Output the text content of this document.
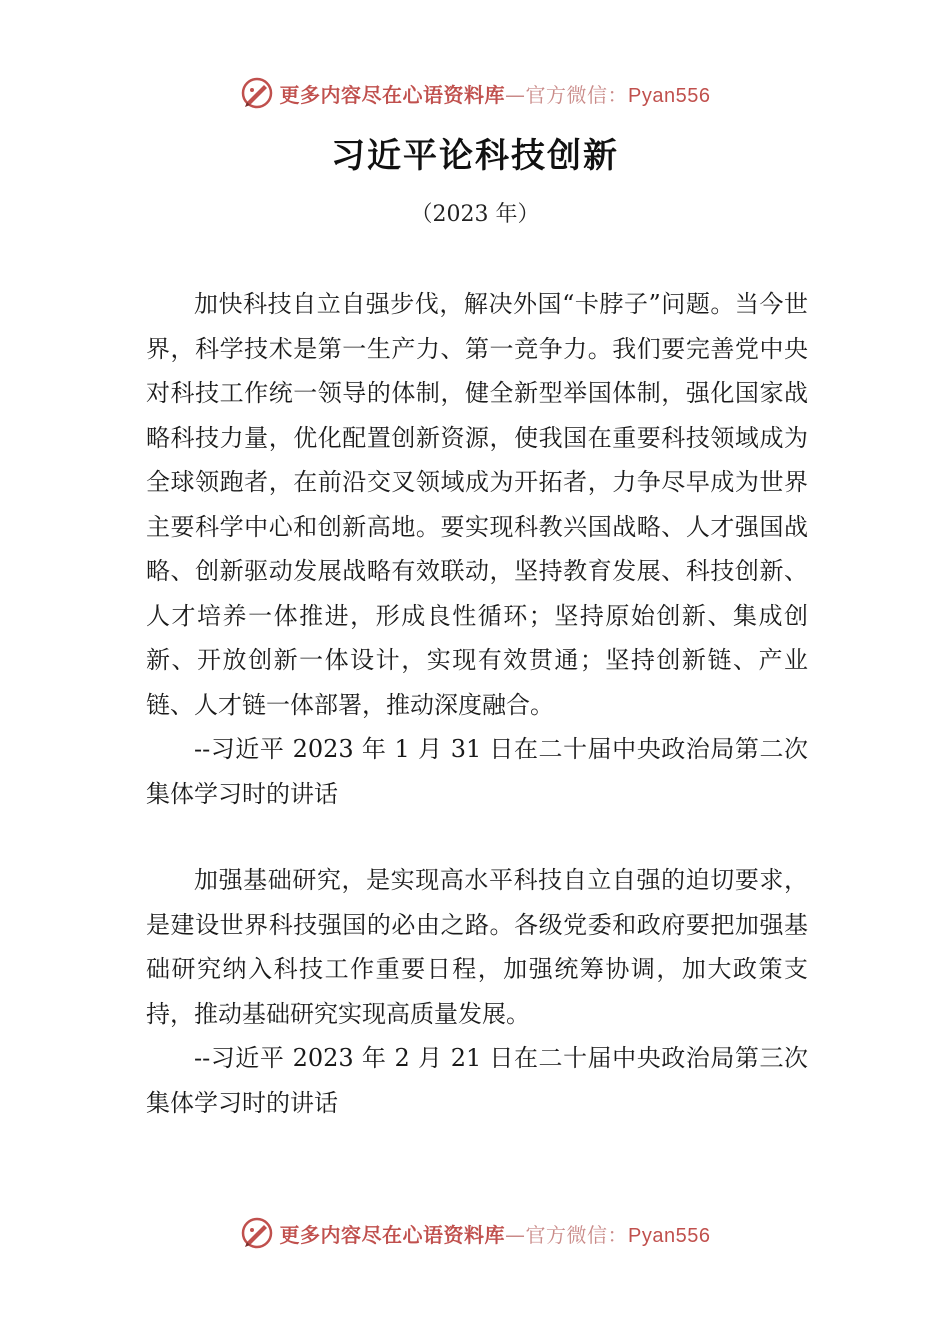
更多内容尽在心语资料库—官方微信：Pyan556
习近平论科技创新
（2023 年）

加快科技自立自强步伐，解决外国“卡脖子”问题。当今世界，科学技术是第一生产力、第一竞争力。我们要完善党中央对科技工作统一领导的体制，健全新型举国体制，强化国家战略科技力量，优化配置创新资源，使我国在重要科技领域成为全球领跑者，在前沿交叉领域成为开拓者，力争尽早成为世界主要科学中心和创新高地。要实现科教兴国战略、人才强国战略、创新驱动发展战略有效联动，坚持教育发展、科技创新、人才培养一体推进，形成良性循环；坚持原始创新、集成创新、开放创新一体设计，实现有效贯通；坚持创新链、产业链、人才链一体部署，推动深度融合。

--习近平 2023 年 1 月 31 日在二十届中央政治局第二次集体学习时的讲话

加强基础研究，是实现高水平科技自立自强的迫切要求，是建设世界科技强国的必由之路。各级党委和政府要把加强基础研究纳入科技工作重要日程，加强统筹协调，加大政策支持，推动基础研究实现高质量发展。

--习近平 2023 年 2 月 21 日在二十届中央政治局第三次集体学习时的讲话

更多内容尽在心语资料库—官方微信：Pyan556
